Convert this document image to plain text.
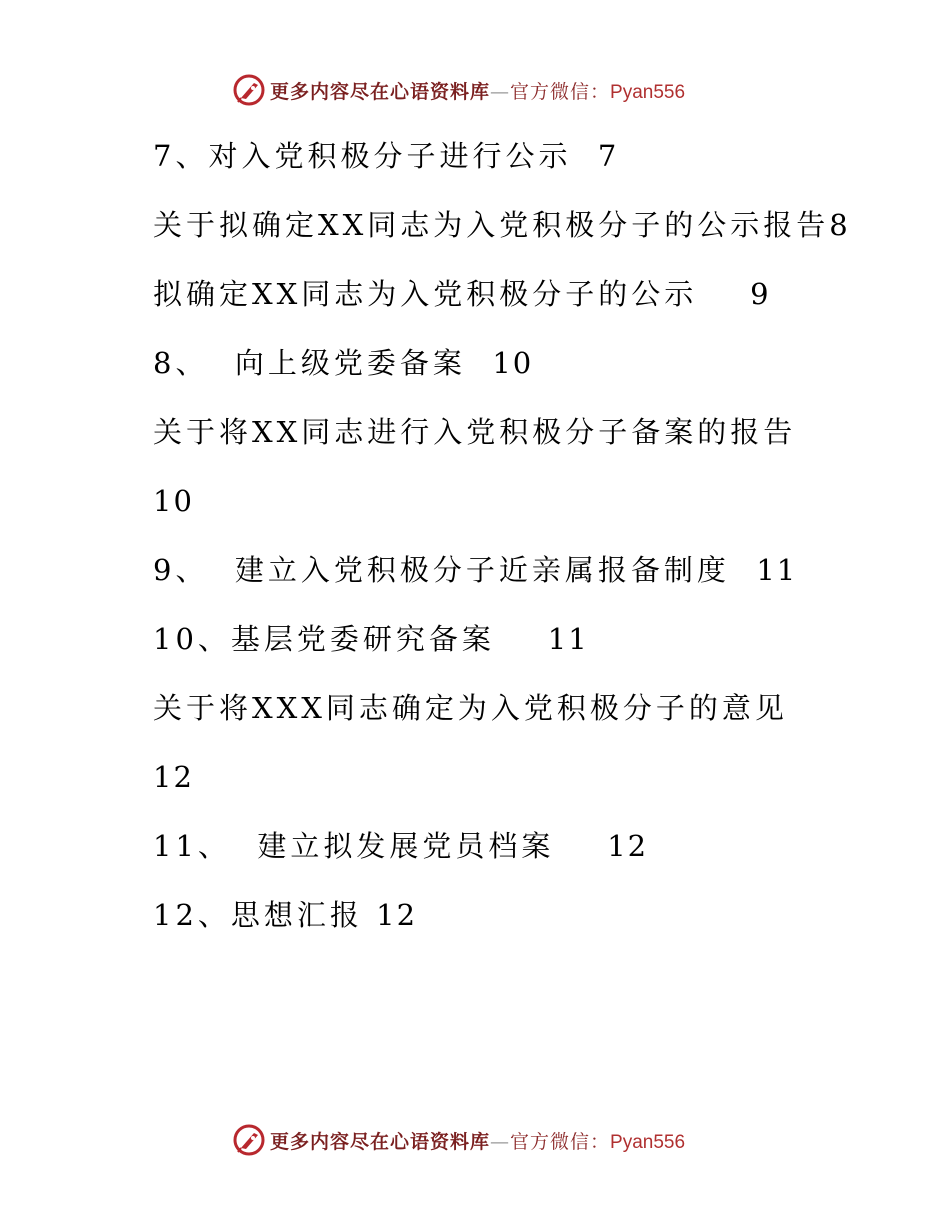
更多内容尽在心语资料库—官方微信：Pyan556
7、对入党积极分子进行公示 7
关于拟确定XX同志为入党积极分子的公示报告8
拟确定XX同志为入党积极分子的公示 9
8、  向上级党委备案 10
关于将XX同志进行入党积极分子备案的报告
10
9、  建立入党积极分子近亲属报备制度 11
10、基层党委研究备案 11
关于将XXX同志确定为入党积极分子的意见
12
11、  建立拟发展党员档案 12
12、思想汇报 12
更多内容尽在心语资料库—官方微信：Pyan556
